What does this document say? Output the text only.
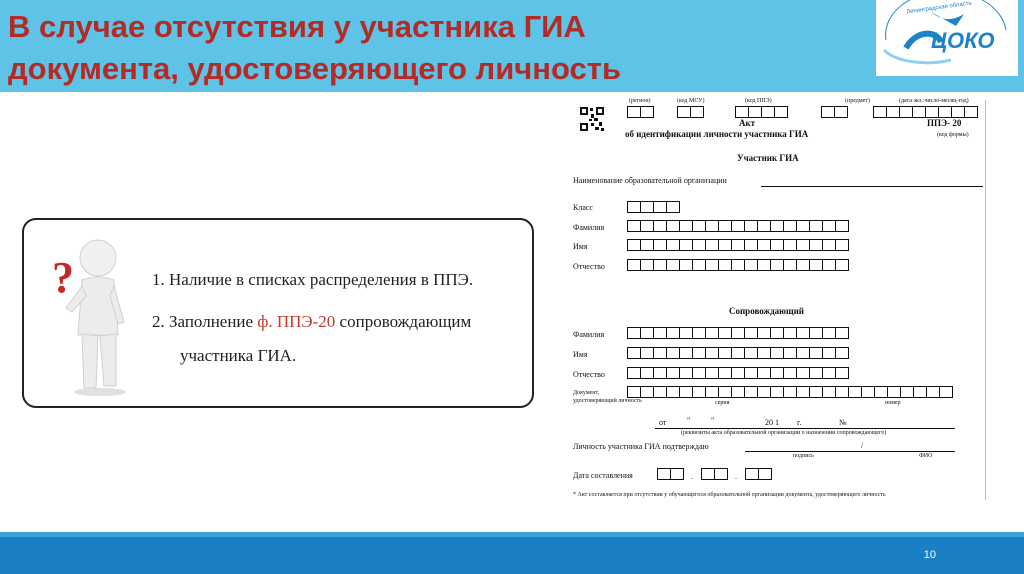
В случае отсутствия у участника ГИА
документа, удостоверяющего личность
ЦОКО
Ленинградская область
?	1. Наличие в списках распределения в ППЭ.
2. Заполнение ф. ППЭ-20 сопровождающим
участника ГИА.
(регион)	(код МСУ)	(код ППЭ)	(предмет)	(дата экз.:число-месяц-год)
Акт
об идентификации личности участника ГИА
ППЭ- 20
(код формы)
Участник ГИА
Наименование образовательной организации
Класс
Фамилия
Имя
Отчество
Сопровождающий
Фамилия
Имя
Отчество
Документ,
удостоверяющий личность	серия	номер
от	"	"	20 1 г.	№
(реквизиты акта образовательной организации о назначении сопровождающего)
Личность участника ГИА подтверждаю	/
подпись	ФИО
Дата составления	.	.
* Акт составляется при отсутствии у обучающегося образовательной организации документа, удостоверяющего личность
10
